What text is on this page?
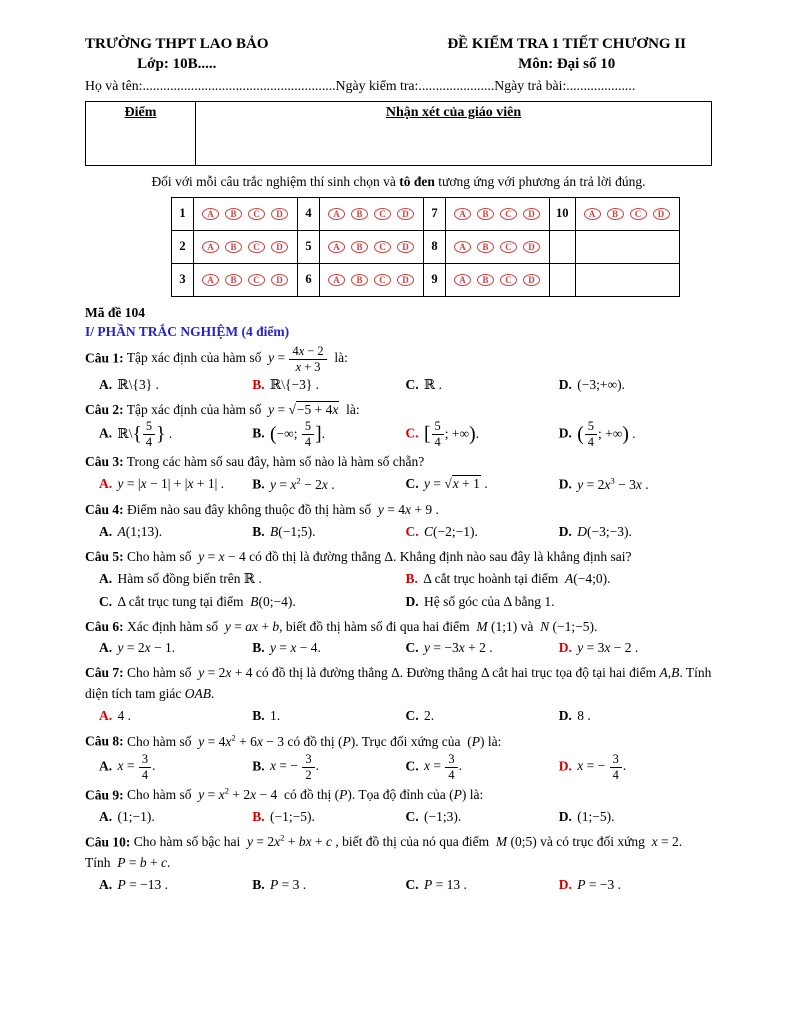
TRƯỜNG THPT LAO BẢO
Lớp: 10B.....
ĐỀ KIỂM TRA 1 TIẾT CHƯƠNG II
Môn: Đại số 10
Họ và tên:........................................................Ngày kiểm tra:......................Ngày trả bài:....................
Điểm	Nhận xét của giáo viên

Đối với mỗi câu trắc nghiệm thí sinh chọn và tô đen tương ứng với phương án trả lời đúng.

1	A B C D	4	A B C D	7	A B C D	10	A B C D
2	A B C D	5	A B C D	8	A B C D		
3	A B C D	6	A B C D	9	A B C D		

Mã đề 104

I/ PHẦN TRẮC NGHIỆM (4 điểm)

Câu 1: Tập xác định của hàm số  $y = \frac{4x - 2}{x + 3}$ là:

A. ℝ\{3} .	B. ℝ\{−3} .	C. ℝ .	D. (−3;+∞).

Câu 2: Tập xác định của hàm số  y = √−5 + 4x  là:

A. ℝ\{ $\frac{5}{4}$ } .	B. (−∞; $\frac{5}{4}$ ].	C. [ $\frac{5}{4}$ ; +∞).	D. ( $\frac{5}{4}$ ; +∞) .

Câu 3: Trong các hàm số sau đây, hàm số nào là hàm số chẵn?

A. y = |x − 1| + |x + 1| .	B. $y = x^2 - 2x$ .	C. y = √x + 1 .	D. $y = 2x^3 - 3x$ .

Câu 4: Điểm nào sau đây không thuộc đồ thị hàm số  y = 4x + 9 .

A. A(1;13).	B. B(−1;5).	C. C(−2;−1).	D. D(−3;−3).

Câu 5: Cho hàm số  y = x − 4 có đồ thị là đường thẳng Δ. Khẳng định nào sau đây là khẳng định sai?

A. Hàm số đồng biến trên ℝ .	B. Δ cắt trục hoành tại điểm  A(−4;0).
C. Δ cắt trục tung tại điểm  B(0;−4).	D. Hệ số góc của Δ bằng 1.

Câu 6: Xác định hàm số  y = ax + b, biết đồ thị hàm số đi qua hai điểm  M (1;1) và  N (−1;−5).

A. y = 2x − 1.	B. y = x − 4.	C. y = −3x + 2 .	D. y = 3x − 2 .

Câu 7: Cho hàm số  y = 2x + 4 có đồ thị là đường thẳng Δ. Đường thẳng Δ cắt hai trục tọa độ tại hai điểm A,B. Tính diện tích tam giác OAB.

A. 4 .	B. 1.	C. 2.	D. 8 .

Câu 8: Cho hàm số  $y = 4x^2 + 6x - 3$ có đồ thị (P). Trục đối xứng của  (P) là:

A. $x = \frac{3}{4}$ .	B. x = − $\frac{3}{2}$ .	C. $x = \frac{3}{4}$ .	D. x = − $\frac{3}{4}$ .

Câu 9: Cho hàm số  $y = x^2 + 2x - 4$  có đồ thị (P). Tọa độ đỉnh của (P) là:

A. (1;−1).	B. (−1;−5).	C. (−1;3).	D. (1;−5).

Câu 10: Cho hàm số bậc hai  $y = 2x^2$ + bx + c , biết đồ thị của nó qua điểm  M (0;5) và có trục đối xứng  x = 2.
Tính  P = b + c.

A. P = −13 .	B. P = 3 .	C. P = 13 .	D. P = −3 .
